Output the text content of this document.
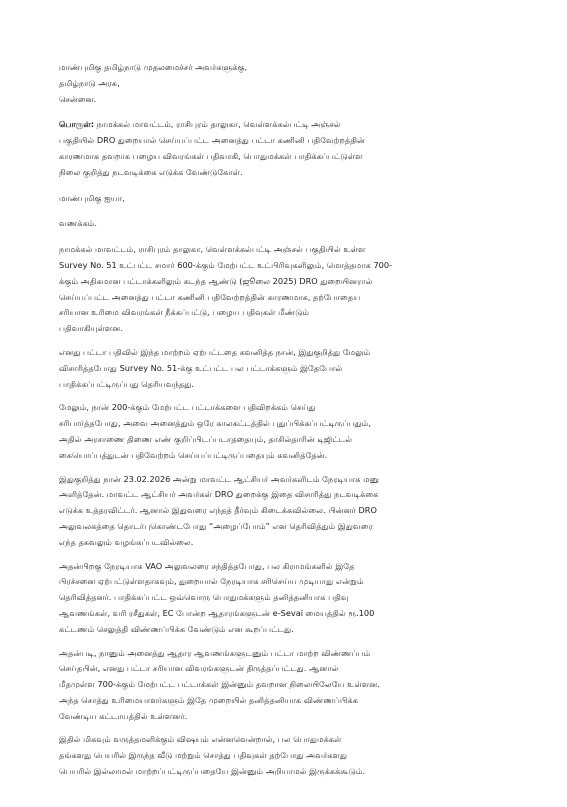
மாண்புமிகு தமிழ்நாடு முதலமைச்சர் அவர்களுக்கு,
தமிழ்நாடு அரசு,
சென்னை.
பொருள்: நாமக்கல் மாவட்டம், ராசிபுரம் தாலுகா, வெள்ளக்கல்பட்டி அஞ்சல்
பகுதியில் DRO துறையால் செய்யப்பட்ட அனைத்து பட்டா கணினி பதிவேற்றத்தின்
காரணமாக தவறாக பழைய விவரங்கள் பதிவாகி, பொதுமக்கள் பாதிக்கப்பட்டுள்ள
நிலை குறித்து நடவடிக்கை எடுக்க வேண்டுகோள்.
மாண்புமிகு ஐயா,
வணக்கம்.
நாமக்கல் மாவட்டம், ராசிபுரம் தாலுகா, வெள்ளக்கல்பட்டி அஞ்சல் பகுதியில் உள்ள
Survey No. 51 உட்பட்ட சமார் 600-க்கும் மேற்பட்ட உட்பிரிவுகளிலும், மொத்தமாக 700-
க்கும் அதிகமான பட்டாக்களிலும் கடந்த ஆண்டு (ஜூலை 2025) DRO துறையினரால்
செய்யப்பட்ட அனைத்து பட்டா கணினி பதிவேற்றத்தின் காரணமாக, தற்போதைய
சரியான உரிமை விவரங்கள் நீக்கப்பட்டு, பழைய பதிவுகள் மீண்டும்
பதிவாகியுள்ளன.
எனது பட்டா பதிவில் இந்த மாற்றம் ஏற்பட்டதை கவனித்த நான், இதுகுறித்து மேலும்
விசாரித்தபோது Survey No. 51-க்கு உட்பட்ட பல பட்டாக்களும் இதேபோல்
பாதிக்கப்பட்டிருப்பது தெரியவந்தது.
மேலும், நான் 200-க்கும் மேற்பட்ட பட்டாக்களை பதிவிறக்கம் செய்து
சரிபார்த்தபோது, அவை அனைத்தும் ஒரே காலகட்டத்தில் புதுப்பிக்கப்பட்டிருப்பதும்,
அதில் அரசாணை திணை எண் குறிப்பிடப்படாததையும், தாசில்தாரின் டிஜிட்டல்
கையொப்பத்துடன் பதிவேற்றம் செய்யப்பட்டிருப்பதையும் கவனித்தேன்.
இதுகுறித்து நான் 23.02.2026 அன்று மாவட்ட ஆட்சியர் அவர்களிடம் நேரடியாக மனு
அளித்தேன். மாவட்ட ஆட்சியர் அவர்கள் DRO துறைக்கு இதை விசாரித்து நடவடிக்கை
எடுக்க உத்தரவிட்டர். ஆனால் இதுவரை எந்தத் தீர்வும் கிடைக்கவில்லை. பின்னர் DRO
அலுவலகத்தை தொடர்புகொண்டபோது “அழைப்போம்” என தெரிவித்தும் இதுவரை
எந்த தகவலும் வழங்கப்படவில்லை.
அதன்பிறகு நேரடியாக VAO அலுவலரை சந்தித்தபோது, பல கிராமங்களில் இதே
பிரச்சனை ஏற்பட்டுள்ளதாகவும், துறையால் நேரடியாக சரிசெய்ய முடியாது என்றும்
தெரிவித்தனர். பாதிக்கப்பட்ட ஒவ்வொரு பொதுமக்களும் தனித்தனியாக பதிவு
ஆவணங்கள், வரி ரசீதுகள், EC போன்ற ஆதாரங்களுடன் e-Sevai மையத்தில் ரூ.100
கட்டணம் செலுத்தி விண்ணப்பிக்க வேண்டும் என கூறப்பட்டது.
அதன்படி, நானும் அனைத்து ஆதார ஆவணங்களுடனும் பட்டா மாற்ற விண்ணப்பம்
செய்தபின், எனது பட்டா சரியான விவரங்களுடன் திருத்தப்பட்டது. ஆனால்
மீதமுள்ள 700-க்கும் மேற்பட்ட பட்டாக்கள் இன்னும் தவறான நிலையிலேயே உள்ளன.
அந்த சொத்து உரிமையாளர்களும் இதே முறையில் தனித்தனியாக விண்ணப்பிக்க
வேண்டிய கட்டாயத்தில் உள்ளனர்.
இதில் மிகவும் வருத்தமளிக்கும் விஷயம் என்னவென்றால், பல பொதுமக்கள்
தங்களது பெயரில் இருந்த வீடு மற்றும் சொத்து பதிவுகள் தற்போது அவர்களது
பெயரில் இல்லாமல் மாற்றப்பட்டிருப்பதையே இன்னும் அறியாமல் இருக்கக்கூடும்.
